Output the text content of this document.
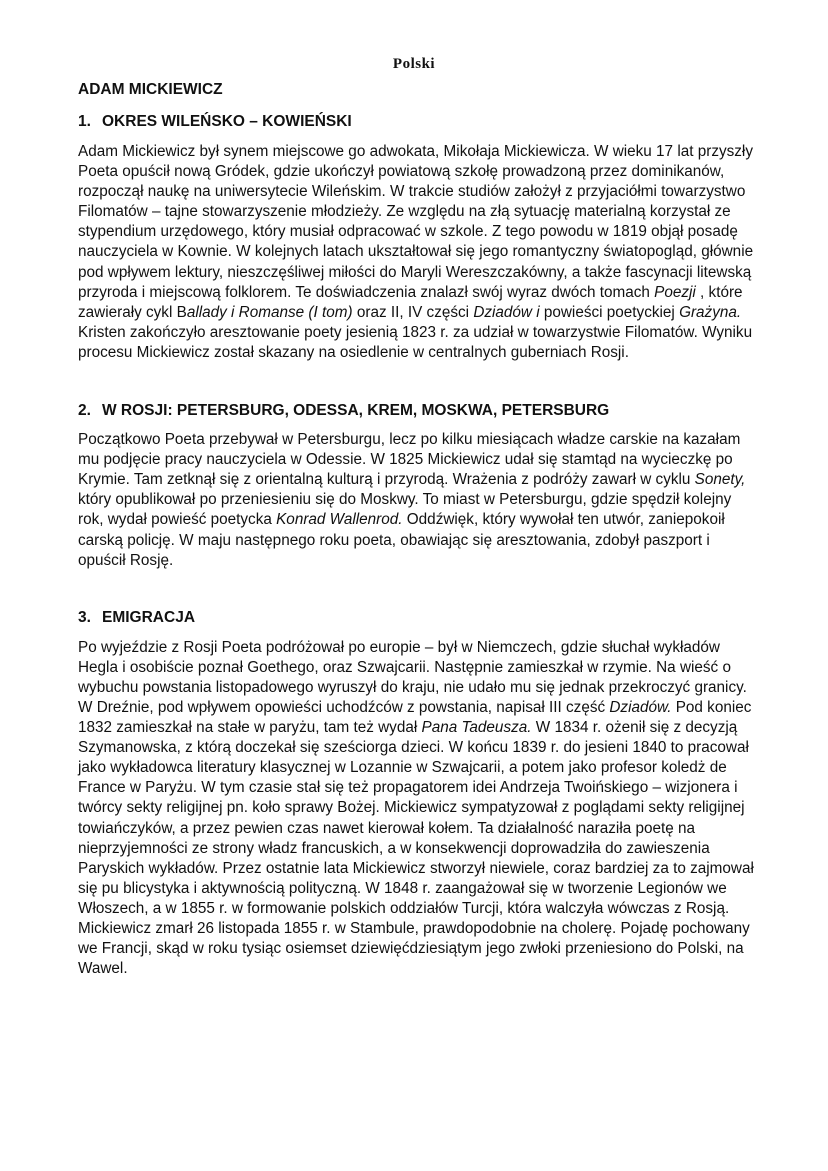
Polski
ADAM MICKIEWICZ
1. OKRES WILEŃSKO – KOWIEŃSKI

Adam Mickiewicz był synem miejscowe go adwokata, Mikołaja Mickiewicza. W wieku 17 lat przyszły Poeta opuścił nową Gródek, gdzie ukończył powiatową szkołę prowadzoną przez dominikanów, rozpoczął naukę na uniwersytecie Wileńskim. W trakcie studiów założył z przyjaciółmi towarzystwo Filomatów – tajne stowarzyszenie młodzieży. Ze względu na złą sytuację materialną korzystał ze stypendium urzędowego, który musiał odpracować w szkole. Z tego powodu w 1819 objął posadę nauczyciela w Kownie. W kolejnych latach ukształtował się jego romantyczny światopogląd, głównie pod wpływem lektury, nieszczęśliwej miłości do Maryli Wereszczakówny, a także fascynacji litewską przyroda i miejscową folklorem. Te doświadczenia znalazł swój wyraz dwóch tomach Poezji , które zawierały cykl Ballady i Romanse (I tom) oraz II, IV części Dziadów i powieści poetyckiej Grażyna. Kristen zakończyło aresztowanie poety jesienią 1823 r. za udział w towarzystwie Filomatów. Wyniku procesu Mickiewicz został skazany na osiedlenie w centralnych guberniach Rosji.

2. W ROSJI: PETERSBURG, ODESSA, KREM, MOSKWA, PETERSBURG

Początkowo Poeta przebywał w Petersburgu, lecz po kilku miesiącach władze carskie na kazałam mu podjęcie pracy nauczyciela w Odessie. W 1825 Mickiewicz udał się stamtąd na wycieczkę po Krymie. Tam zetknął się z orientalną kulturą i przyrodą. Wrażenia z podróży zawarł w cyklu Sonety, który opublikował po przeniesieniu się do Moskwy. To miast w Petersburgu, gdzie spędził kolejny rok, wydał powieść poetycka Konrad Wallenrod. Oddźwięk, który wywołał ten utwór, zaniepokoił carską policję. W maju następnego roku poeta, obawiając się aresztowania, zdobył paszport i opuścił Rosję.

3. EMIGRACJA

Po wyjeździe z Rosji Poeta podróżował po europie – był w Niemczech, gdzie słuchał wykładów Hegla i osobiście poznał Goethego, oraz Szwajcarii. Następnie zamieszkał w rzymie. Na wieść o wybuchu powstania listopadowego wyruszył do kraju, nie udało mu się jednak przekroczyć granicy. W Dreźnie, pod wpływem opowieści uchodźców z powstania, napisał III część Dziadów. Pod koniec 1832 zamieszkał na stałe w paryżu, tam też wydał Pana Tadeusza. W 1834 r. ożenił się z decyzją Szymanowska, z którą doczekał się sześciorga dzieci. W końcu 1839 r. do jesieni 1840 to pracował jako wykładowca literatury klasycznej w Lozannie w Szwajcarii, a potem jako profesor koledż de France w Paryżu. W tym czasie stał się też propagatorem idei Andrzeja Twoińskiego – wizjonera i twórcy sekty religijnej pn. koło sprawy Bożej. Mickiewicz sympatyzował z poglądami sekty religijnej towiańczyków, a przez pewien czas nawet kierował kołem. Ta działalność naraziła poetę na nieprzyjemności ze strony władz francuskich, a w konsekwencji doprowadziła do zawieszenia Paryskich wykładów. Przez ostatnie lata Mickiewicz stworzył niewiele, coraz bardziej za to zajmował się pu blicystyka i aktywnością polityczną. W 1848 r. zaangażował się w tworzenie Legionów we Włoszech, a w 1855 r. w formowanie polskich oddziałów Turcji, która walczyła wówczas z Rosją. Mickiewicz zmarł 26 listopada 1855 r. w Stambule, prawdopodobnie na cholerę. Pojadę pochowany we Francji, skąd w roku tysiąc osiemset dziewięćdziesiątym jego zwłoki przeniesiono do Polski, na Wawel.
